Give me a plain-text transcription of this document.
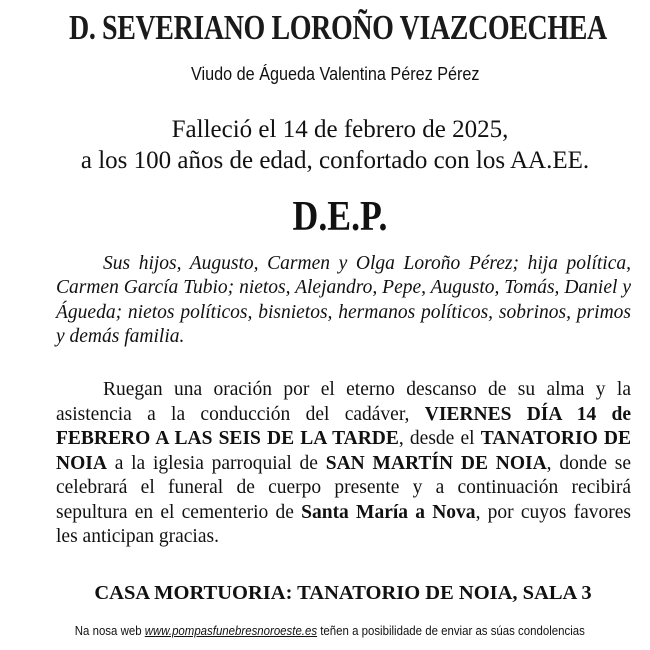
D. SEVERIANO LOROÑO VIAZCOECHEA
Viudo de Águeda Valentina Pérez Pérez
Falleció el 14 de febrero de 2025,
a los 100 años de edad, confortado con los AA.EE.
D.E.P.

Sus hijos, Augusto, Carmen y Olga Loroño Pérez; hija política, Carmen García Tubio; nietos, Alejandro, Pepe, Augusto, Tomás, Daniel y Águeda; nietos políticos, bisnietos, hermanos políticos, sobrinos, primos y demás familia.

Ruegan una oración por el eterno descanso de su alma y la asistencia a la conducción del cadáver, VIERNES DÍA 14 de FEBRERO A LAS SEIS DE LA TARDE, desde el TANATORIO DE NOIA a la iglesia parroquial de SAN MARTÍN DE NOIA, donde se celebrará el funeral de cuerpo presente y a continuación recibirá sepultura en el cementerio de Santa María a Nova, por cuyos favores les anticipan gracias.

CASA MORTUORIA: TANATORIO DE NOIA, SALA 3
Na nosa web www.pompasfunebresnoroeste.es teñen a posibilidade de enviar as súas condolencias
